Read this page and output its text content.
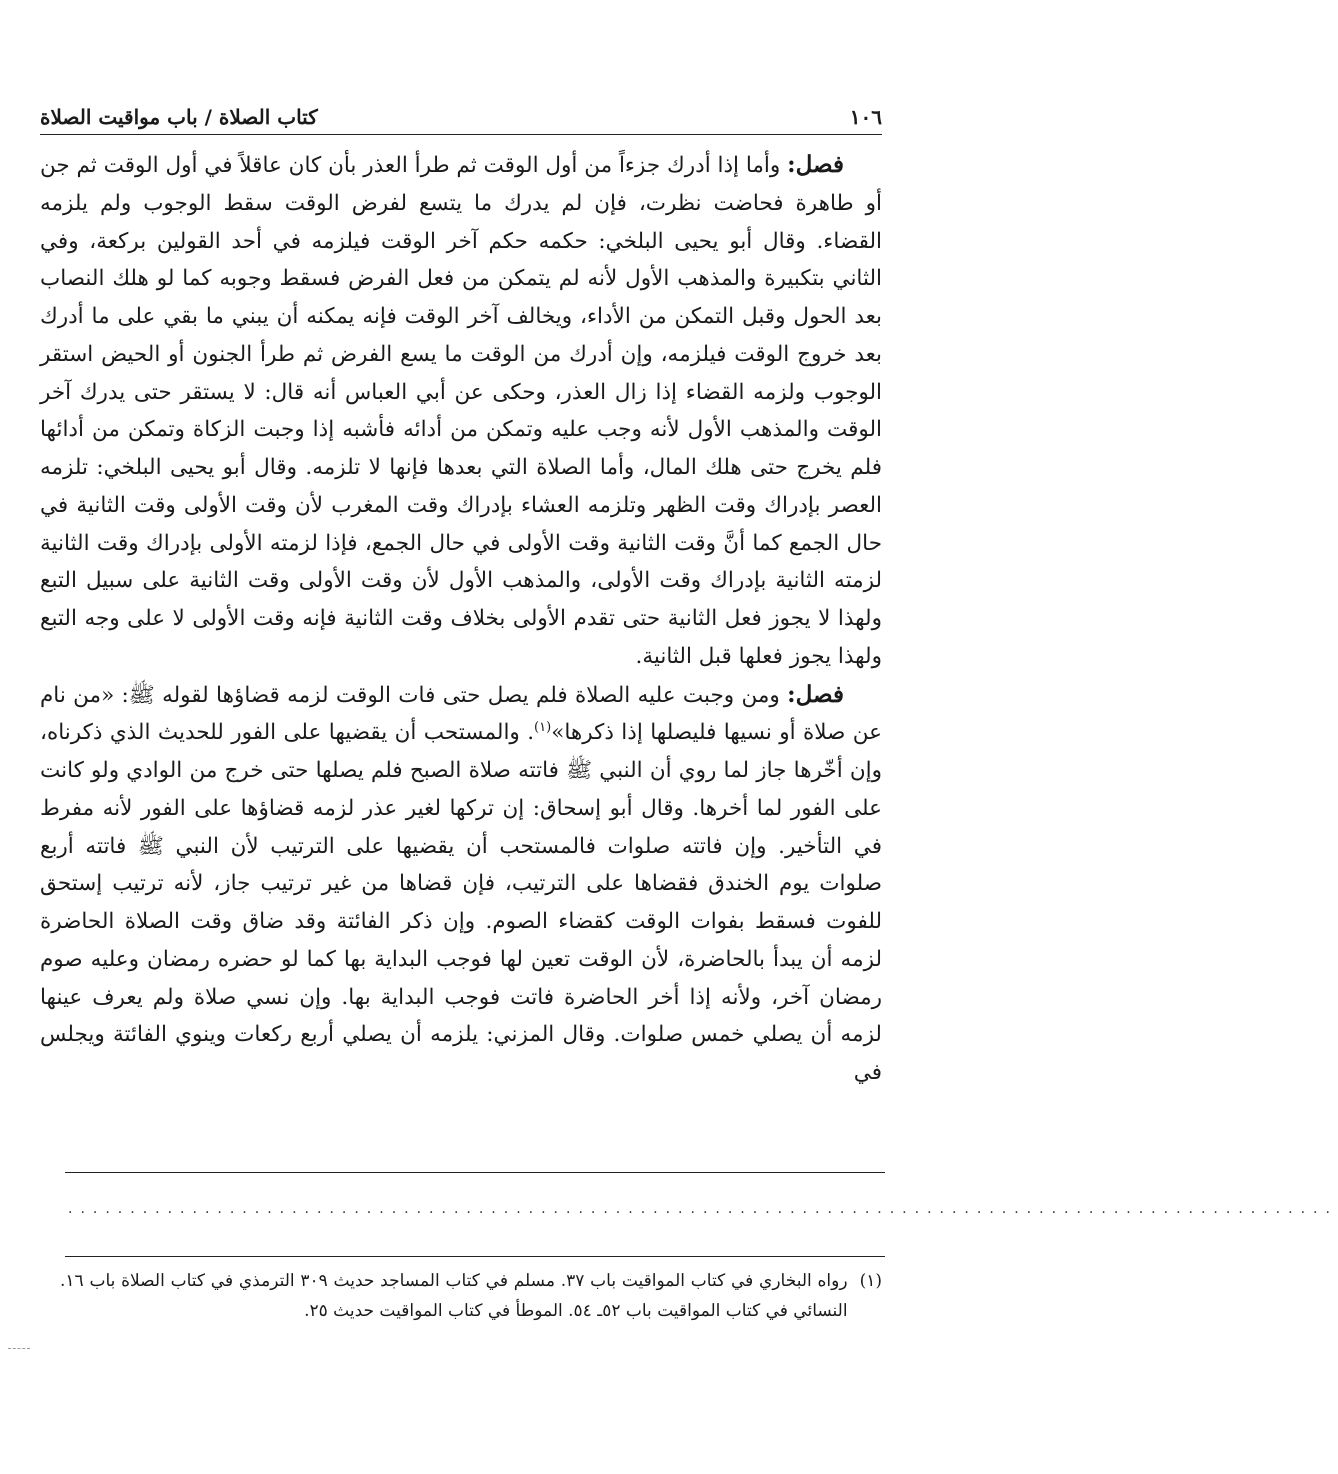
١٠٦
كتاب الصلاة / باب مواقيت الصلاة

فصل: وأما إذا أدرك جزءاً من أول الوقت ثم طرأ العذر بأن كان عاقلاً في أول الوقت ثم جن أو طاهرة فحاضت نظرت، فإن لم يدرك ما يتسع لفرض الوقت سقط الوجوب ولم يلزمه القضاء. وقال أبو يحيى البلخي: حكمه حكم آخر الوقت فيلزمه في أحد القولين بركعة، وفي الثاني بتكبيرة والمذهب الأول لأنه لم يتمكن من فعل الفرض فسقط وجوبه كما لو هلك النصاب بعد الحول وقبل التمكن من الأداء، ويخالف آخر الوقت فإنه يمكنه أن يبني ما بقي على ما أدرك بعد خروج الوقت فيلزمه، وإن أدرك من الوقت ما يسع الفرض ثم طرأ الجنون أو الحيض استقر الوجوب ولزمه القضاء إذا زال العذر، وحكى عن أبي العباس أنه قال: لا يستقر حتى يدرك آخر الوقت والمذهب الأول لأنه وجب عليه وتمكن من أدائه فأشبه إذا وجبت الزكاة وتمكن من أدائها فلم يخرج حتى هلك المال، وأما الصلاة التي بعدها فإنها لا تلزمه. وقال أبو يحيى البلخي: تلزمه العصر بإدراك وقت الظهر وتلزمه العشاء بإدراك وقت المغرب لأن وقت الأولى وقت الثانية في حال الجمع كما أنَّ وقت الثانية وقت الأولى في حال الجمع، فإذا لزمته الأولى بإدراك وقت الثانية لزمته الثانية بإدراك وقت الأولى، والمذهب الأول لأن وقت الأولى وقت الثانية على سبيل التبع ولهذا لا يجوز فعل الثانية حتى تقدم الأولى بخلاف وقت الثانية فإنه وقت الأولى لا على وجه التبع ولهذا يجوز فعلها قبل الثانية.

فصل: ومن وجبت عليه الصلاة فلم يصل حتى فات الوقت لزمه قضاؤها لقوله ﷺ: «من نام عن صلاة أو نسيها فليصلها إذا ذكرها»$^{(١)}$. والمستحب أن يقضيها على الفور للحديث الذي ذكرناه، وإن أخّرها جاز لما روي أن النبي ﷺ فاتته صلاة الصبح فلم يصلها حتى خرج من الوادي ولو كانت على الفور لما أخرها. وقال أبو إسحاق: إن تركها لغير عذر لزمه قضاؤها على الفور لأنه مفرط في التأخير. وإن فاتته صلوات فالمستحب أن يقضيها على الترتيب لأن النبي ﷺ فاتته أربع صلوات يوم الخندق فقضاها على الترتيب، فإن قضاها من غير ترتيب جاز، لأنه ترتيب إستحق للفوت فسقط بفوات الوقت كقضاء الصوم. وإن ذكر الفائتة وقد ضاق وقت الصلاة الحاضرة لزمه أن يبدأ بالحاضرة، لأن الوقت تعين لها فوجب البداية بها كما لو حضره رمضان وعليه صوم رمضان آخر، ولأنه إذا أخر الحاضرة فاتت فوجب البداية بها. وإن نسي صلاة ولم يعرف عينها لزمه أن يصلي خمس صلوات. وقال المزني: يلزمه أن يصلي أربع ركعات وينوي الفائتة ويجلس في

......................................................................................................
(١)
رواه البخاري في كتاب المواقيت باب ٣٧. مسلم في كتاب المساجد حديث ٣٠٩ الترمذي في كتاب الصلاة باب ١٦. النسائي في كتاب المواقيت باب ٥٢ـ ٥٤. الموطأ في كتاب المواقيت حديث ٢٥.
